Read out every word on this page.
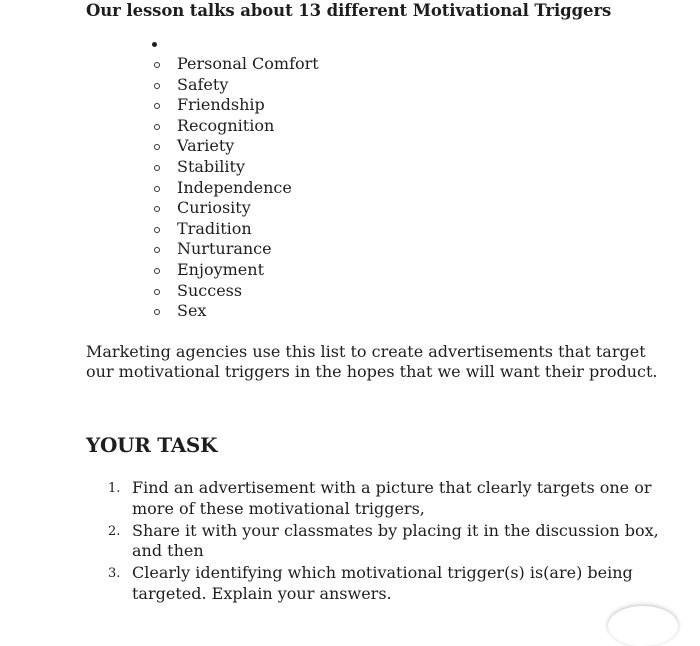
Our lesson talks about 13 different Motivational Triggers
Personal Comfort
Safety
Friendship
Recognition
Variety
Stability
Independence
Curiosity
Tradition
Nurturance
Enjoyment
Success
Sex
Marketing agencies use this list to create advertisements that target our motivational triggers in the hopes that we will want their product.
YOUR TASK
1. Find an advertisement with a picture that clearly targets one or more of these motivational triggers,
2. Share it with your classmates by placing it in the discussion box, and then
3. Clearly identifying which motivational trigger(s) is(are) being targeted. Explain your answers.
